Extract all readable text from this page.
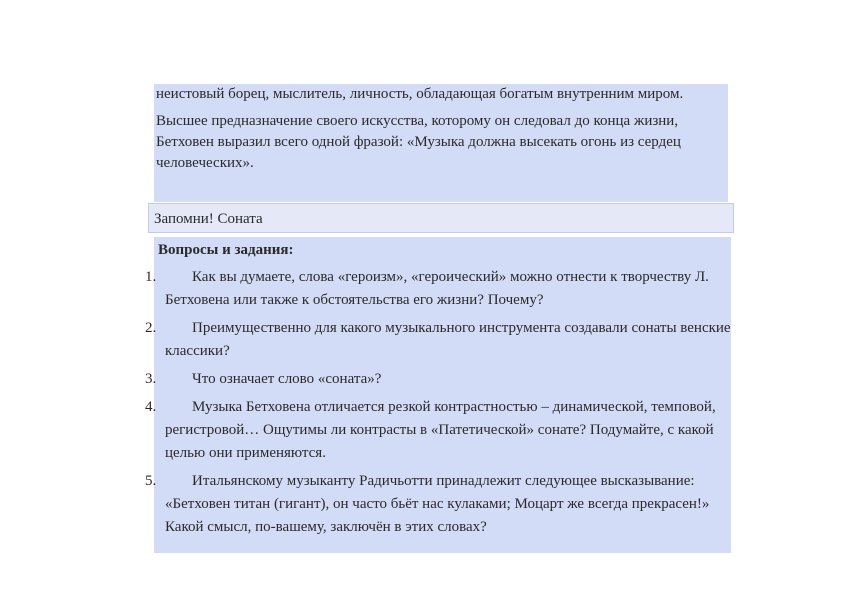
неистовый борец, мыслитель, личность, обладающая богатым внутренним миром.

Высшее предназначение своего искусства, которому он следовал до конца жизни, Бетховен выразил всего одной фразой: «Музыка должна высекать огонь из сердец человеческих».

Запомни! Соната
Вопросы и задания:
1.	Как вы думаете, слова «героизм», «героический» можно отнести к творчеству Л. Бетховена или также к обстоятельства его жизни? Почему?
2.	Преимущественно для какого музыкального инструмента создавали сонаты венские классики?
3.	Что означает слово «соната»?
4.	Музыка Бетховена отличается резкой контрастностью – динамической, темповой, регистровой… Ощутимы ли контрасты в «Патетической» сонате? Подумайте, с какой целью они применяются.
5.	Итальянскому музыканту Радичьотти принадлежит следующее высказывание: «Бетховен титан (гигант), он часто бьёт нас кулаками; Моцарт же всегда прекрасен!» Какой смысл, по-вашему, заключён в этих словах?
